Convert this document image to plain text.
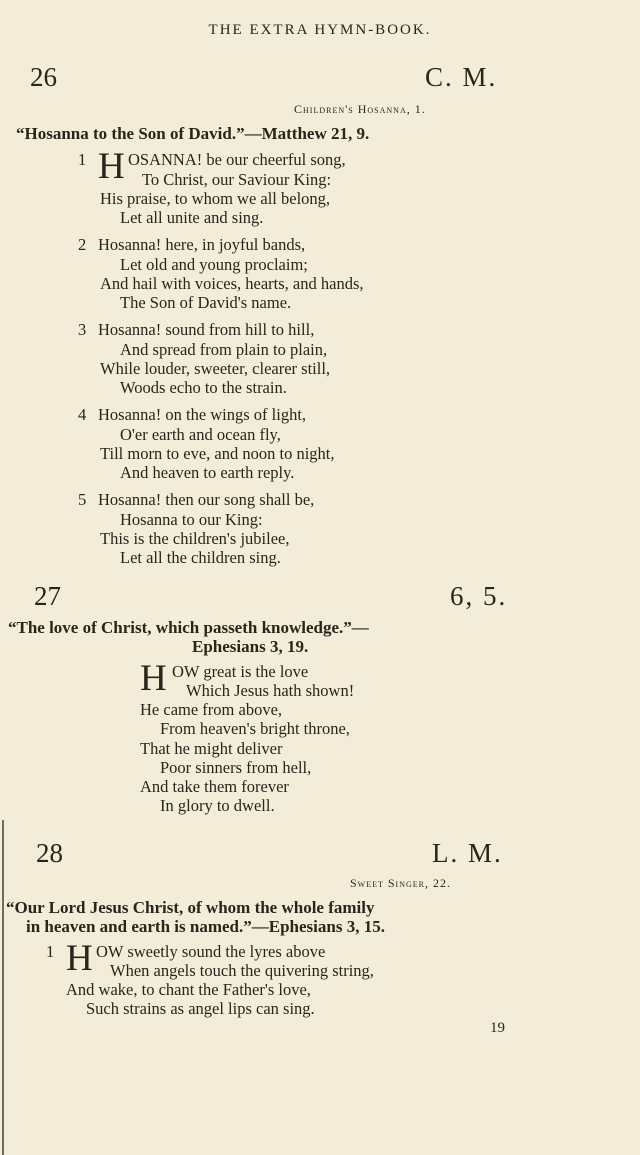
THE EXTRA HYMN-BOOK.
26	C. M.
Children's Hosanna, 1.
“Hosanna to the Son of David.”—Matthew 21, 9.
1 H OSANNA! be our cheerful song,
To Christ, our Saviour King:
His praise, to whom we all belong,
Let all unite and sing.
2 Hosanna! here, in joyful bands,
Let old and young proclaim;
And hail with voices, hearts, and hands,
The Son of David's name.
3 Hosanna! sound from hill to hill,
And spread from plain to plain,
While louder, sweeter, clearer still,
Woods echo to the strain.
4 Hosanna! on the wings of light,
O'er earth and ocean fly,
Till morn to eve, and noon to night,
And heaven to earth reply.
5 Hosanna! then our song shall be,
Hosanna to our King:
This is the children's jubilee,
Let all the children sing.
27	6, 5.
“The love of Christ, which passeth knowledge.”—
Ephesians 3, 19.
H OW great is the love
Which Jesus hath shown!
He came from above,
From heaven's bright throne,
That he might deliver
Poor sinners from hell,
And take them forever
In glory to dwell.
28	L. M.
Sweet Singer, 22.
“Our Lord Jesus Christ, of whom the whole family
in heaven and earth is named.”—Ephesians 3, 15.
1 H OW sweetly sound the lyres above
When angels touch the quivering string,
And wake, to chant the Father's love,
Such strains as angel lips can sing.
19
